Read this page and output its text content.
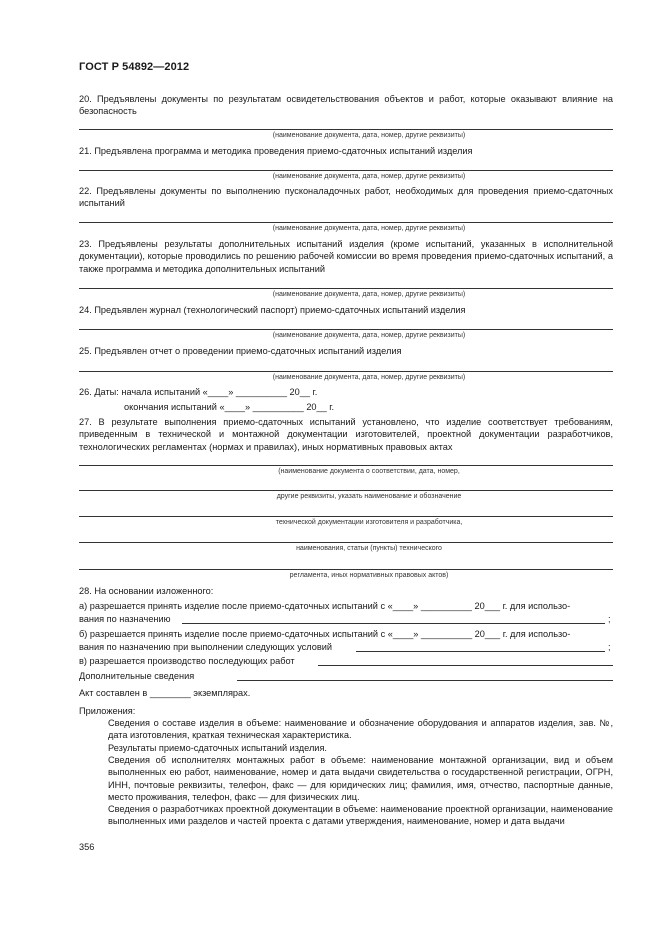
ГОСТ Р 54892—2012
20. Предъявлены документы по результатам освидетельствования объектов и работ, которые оказывают влияние на безопасность
(наименование документа, дата, номер, другие реквизиты)
21. Предъявлена программа и методика проведения приемо-сдаточных испытаний изделия
(наименование документа, дата, номер, другие реквизиты)
22. Предъявлены документы по выполнению пусконаладочных работ, необходимых для проведения приемо-сдаточных испытаний
(наименование документа, дата, номер, другие реквизиты)
23. Предъявлены результаты дополнительных испытаний изделия (кроме испытаний, указанных в исполнительной документации), которые проводились по решению рабочей комиссии во время проведения приемо-сдаточных испытаний, а также программа и методика дополнительных испытаний
(наименование документа, дата, номер, другие реквизиты)
24. Предъявлен журнал (технологический паспорт) приемо-сдаточных испытаний изделия
(наименование документа, дата, номер, другие реквизиты)
25. Предъявлен отчет о проведении приемо-сдаточных испытаний изделия
(наименование документа, дата, номер, другие реквизиты)
26. Даты: начала испытаний «____» __________ 20__ г.
окончания испытаний «____» __________ 20__ г.
27. В результате выполнения приемо-сдаточных испытаний установлено, что изделие соответствует требованиям, приведенным в технической и монтажной документации изготовителей, проектной документации разработчиков, технологических регламентах (нормах и правилах), иных нормативных правовых актах
(наименование документа о соответствии, дата, номер,
другие реквизиты, указать наименование и обозначение
технической документации изготовителя и разработчика,
наименования, статьи (пункты) технического
регламента, иных нормативных правовых актов)
28. На основании изложенного:
а) разрешается принять изделие после приемо-сдаточных испытаний с «____» __________ 20___ г. для использо-
вания по назначению	;
б) разрешается принять изделие после приемо-сдаточных испытаний с «____» __________ 20___ г. для использо-
вания по назначению при выполнении следующих условий	;
в) разрешается производство последующих работ
Дополнительные сведения
Акт составлен в ________ экземплярах.
Приложения:
Сведения о составе изделия в объеме: наименование и обозначение оборудования и аппаратов изделия, зав. №, дата изготовления, краткая техническая характеристика.
Результаты приемо-сдаточных испытаний изделия.
Сведения об исполнителях монтажных работ в объеме: наименование монтажной организации, вид и объем выполненных ею работ, наименование, номер и дата выдачи свидетельства о государственной регистрации, ОГРН, ИНН, почтовые реквизиты, телефон, факс — для юридических лиц; фамилия, имя, отчество, паспортные данные, место проживания, телефон, факс — для физических лиц.
Сведения о разработчиках проектной документации в объеме: наименование проектной организации, наименование выполненных ими разделов и частей проекта с датами утверждения, наименование, номер и дата выдачи
356
